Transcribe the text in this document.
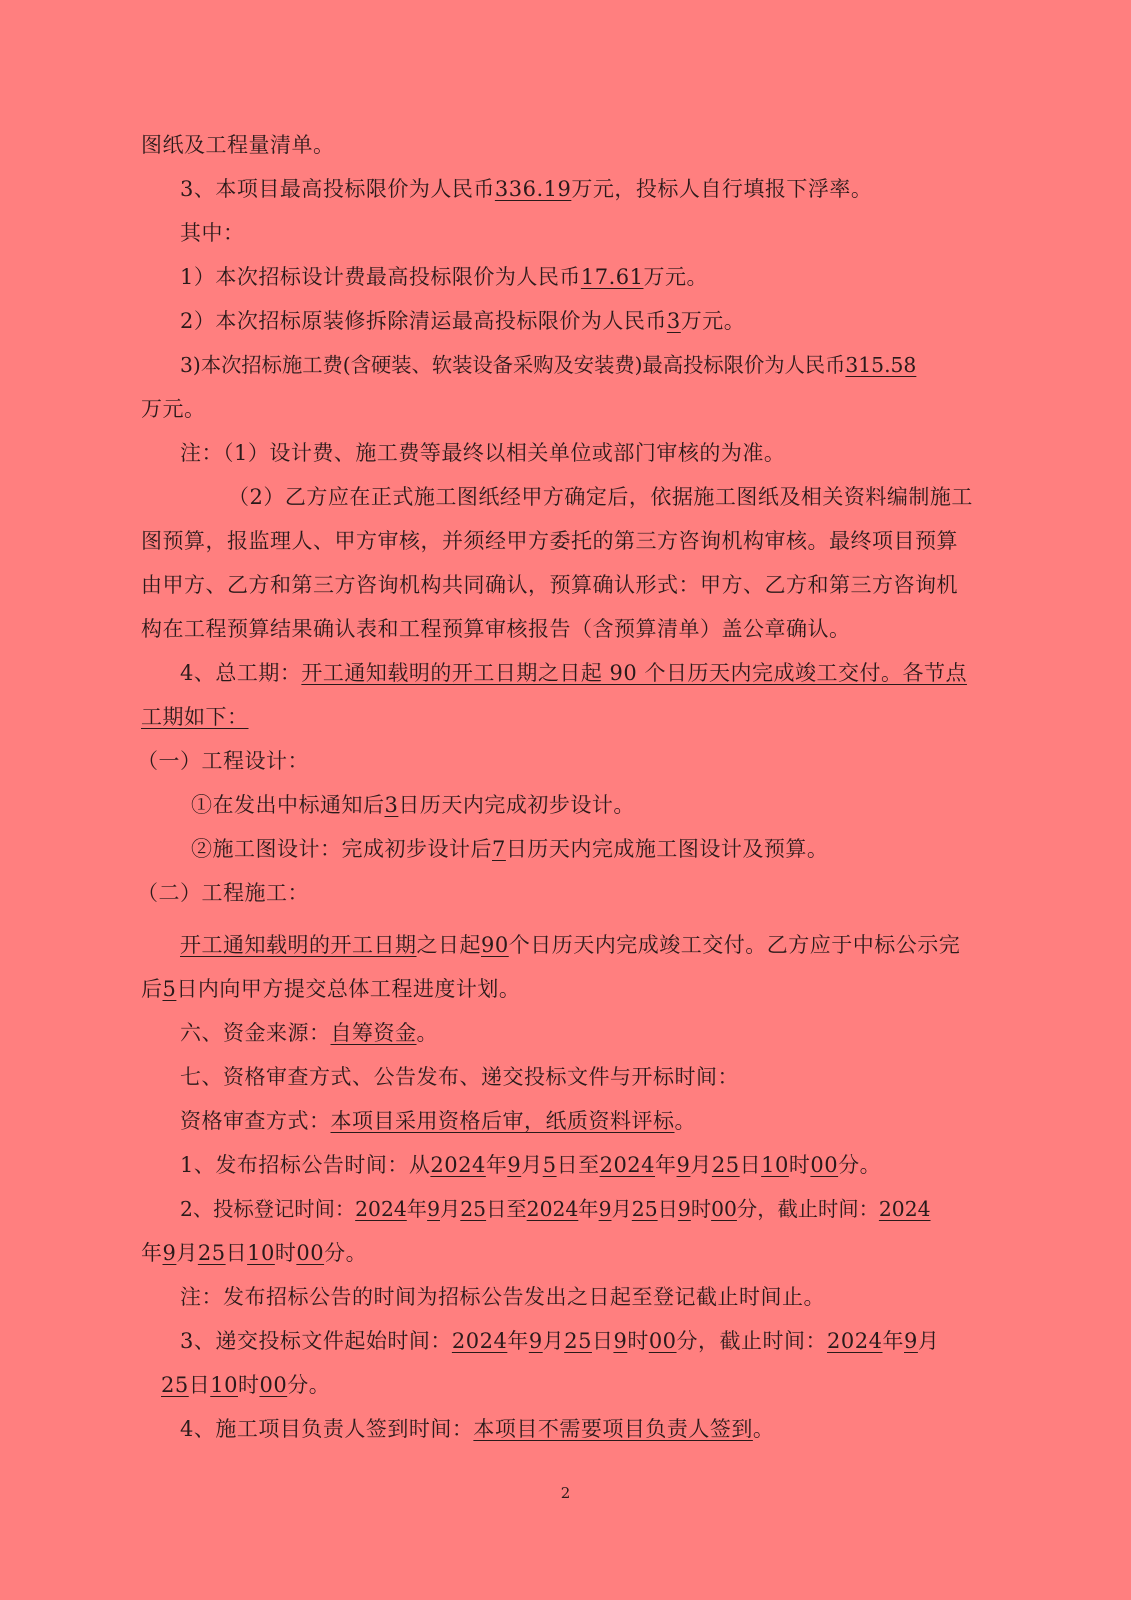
图纸及工程量清单。
3、本项目最高投标限价为人民币336.19万元，投标人自行填报下浮率。
其中：
1）本次招标设计费最高投标限价为人民币17.61万元。
2）本次招标原装修拆除清运最高投标限价为人民币3万元。
3)本次招标施工费(含硬装、软装设备采购及安装费)最高投标限价为人民币315.58
万元。
注：（1）设计费、施工费等最终以相关单位或部门审核的为准。
（2）乙方应在正式施工图纸经甲方确定后，依据施工图纸及相关资料编制施工
图预算，报监理人、甲方审核，并须经甲方委托的第三方咨询机构审核。最终项目预算
由甲方、乙方和第三方咨询机构共同确认，预算确认形式：甲方、乙方和第三方咨询机
构在工程预算结果确认表和工程预算审核报告（含预算清单）盖公章确认。
4、总工期：开工通知载明的开工日期之日起 90 个日历天内完成竣工交付。各节点
工期如下：
（一）工程设计：
①在发出中标通知后3日历天内完成初步设计。
②施工图设计：完成初步设计后7日历天内完成施工图设计及预算。
（二）工程施工：
开工通知载明的开工日期之日起90个日历天内完成竣工交付。乙方应于中标公示完
后5日内向甲方提交总体工程进度计划。
六、资金来源：自筹资金。
七、资格审查方式、公告发布、递交投标文件与开标时间：
资格审查方式：本项目采用资格后审，纸质资料评标。
1、发布招标公告时间：从2024年9月5日至2024年9月25日10时00分。
2、投标登记时间：2024年9月25日至2024年9月25日9时00分，截止时间：2024
年9月25日10时00分。
注：发布招标公告的时间为招标公告发出之日起至登记截止时间止。
3、递交投标文件起始时间：2024年9月25日9时00分，截止时间：2024年9月
25日10时00分。
4、施工项目负责人签到时间：本项目不需要项目负责人签到。
2
